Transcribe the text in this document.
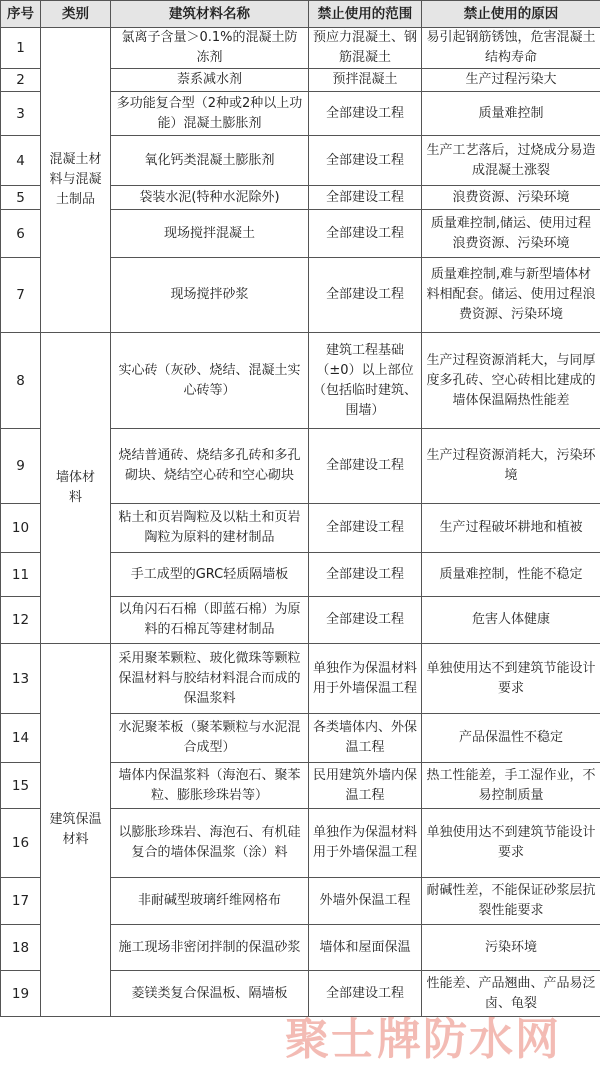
序号	类别	建筑材料名称	禁止使用的范围	禁止使用的原因
1	混凝土材料与混凝土制品	氯离子含量＞0.1%的混凝土防冻剂	预应力混凝土、钢筋混凝土	易引起钢筋锈蚀，危害混凝土结构寿命
2		萘系减水剂	预拌混凝土	生产过程污染大
3		多功能复合型（2种或2种以上功能）混凝土膨胀剂	全部建设工程	质量难控制
4		氧化钙类混凝土膨胀剂	全部建设工程	生产工艺落后，过烧成分易造成混凝土涨裂
5		袋装水泥(特种水泥除外)	全部建设工程	浪费资源、污染环境
6		现场搅拌混凝土	全部建设工程	质量难控制,储运、使用过程浪费资源、污染环境
7		现场搅拌砂浆	全部建设工程	质量难控制,难与新型墙体材料相配套。储运、使用过程浪费资源、污染环境
8	墙体材料	实心砖（灰砂、烧结、混凝土实心砖等）	建筑工程基础（±0）以上部位（包括临时建筑、围墙）	生产过程资源消耗大，与同厚度多孔砖、空心砖相比建成的墙体保温隔热性能差
9		烧结普通砖、烧结多孔砖和多孔砌块、烧结空心砖和空心砌块	全部建设工程	生产过程资源消耗大，污染环境
10		粘土和页岩陶粒及以粘土和页岩陶粒为原料的建材制品	全部建设工程	生产过程破坏耕地和植被
11		手工成型的GRC轻质隔墙板	全部建设工程	质量难控制，性能不稳定
12		以角闪石石棉（即蓝石棉）为原料的石棉瓦等建材制品	全部建设工程	危害人体健康
13	建筑保温材料	采用聚苯颗粒、玻化微珠等颗粒保温材料与胶结材料混合而成的保温浆料	单独作为保温材料用于外墙保温工程	单独使用达不到建筑节能设计要求
14		水泥聚苯板（聚苯颗粒与水泥混合成型）	各类墙体内、外保温工程	产品保温性不稳定
15		墙体内保温浆料（海泡石、聚苯粒、膨胀珍珠岩等）	民用建筑外墙内保温工程	热工性能差，手工湿作业，不易控制质量
16		以膨胀珍珠岩、海泡石、有机硅复合的墙体保温浆（涂）料	单独作为保温材料用于外墙保温工程	单独使用达不到建筑节能设计要求
17		非耐碱型玻璃纤维网格布	外墙外保温工程	耐碱性差，不能保证砂浆层抗裂性能要求
18		施工现场非密闭拌制的保温砂浆	墙体和屋面保温	污染环境
19		菱镁类复合保温板、隔墙板	全部建设工程	性能差、产品翘曲、产品易泛卤、龟裂
聚士牌防水网
